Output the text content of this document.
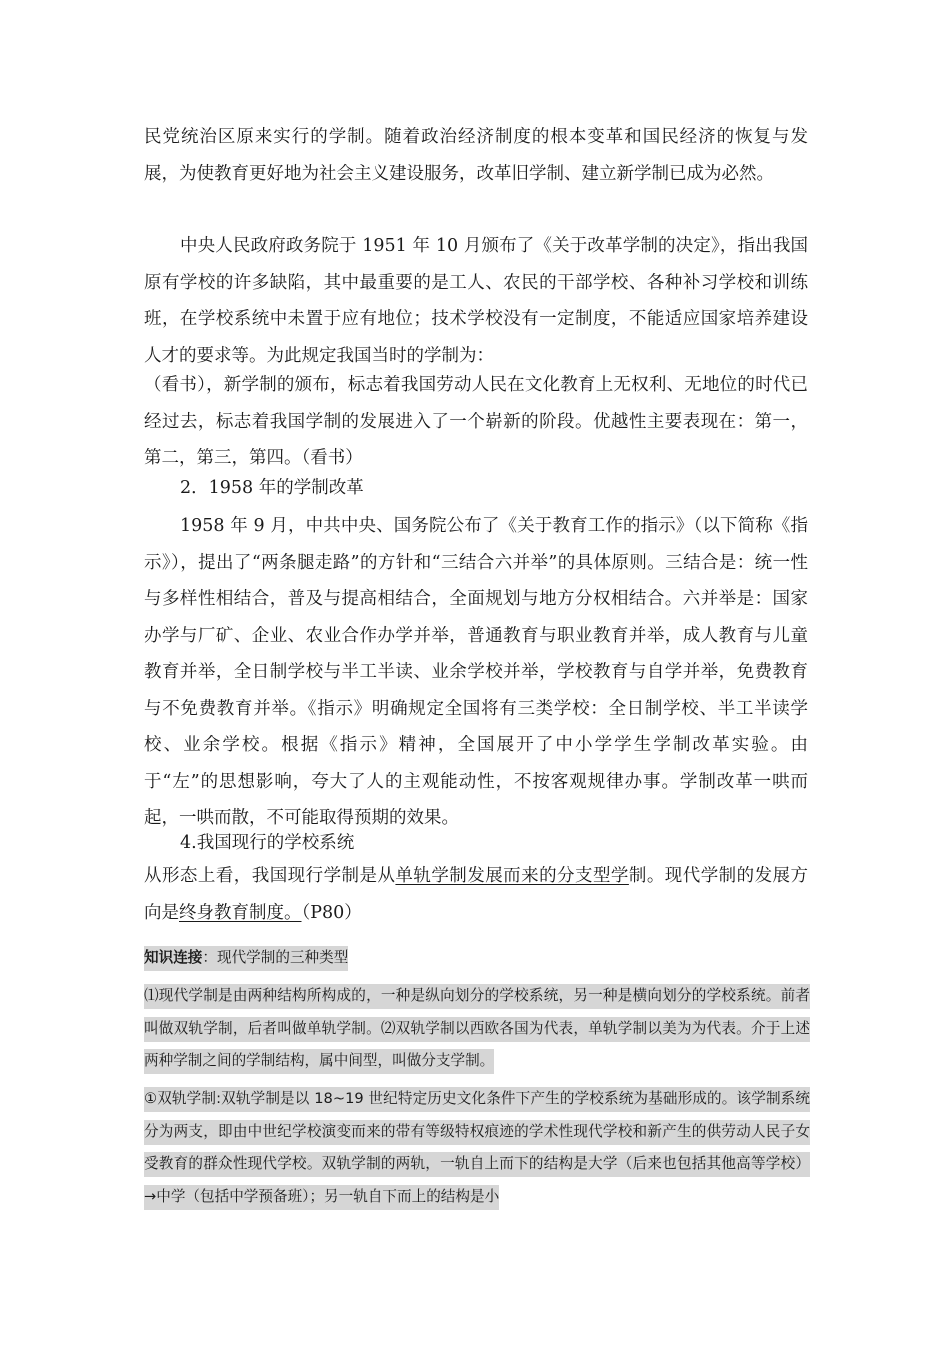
民党统治区原来实行的学制。随着政治经济制度的根本变革和国民经济的恢复与发展，为使教育更好地为社会主义建设服务，改革旧学制、建立新学制已成为必然。

中央人民政府政务院于 1951 年 10 月颁布了《关于改革学制的决定》，指出我国原有学校的许多缺陷，其中最重要的是工人、农民的干部学校、各种补习学校和训练班，在学校系统中未置于应有地位；技术学校没有一定制度，不能适应国家培养建设人才的要求等。为此规定我国当时的学制为：

（看书），新学制的颁布，标志着我国劳动人民在文化教育上无权利、无地位的时代已经过去，标志着我国学制的发展进入了一个崭新的阶段。优越性主要表现在：第一，第二，第三，第四。（看书）

2．1958 年的学制改革

1958 年 9 月，中共中央、国务院公布了《关于教育工作的指示》（以下简称《指示》），提出了“两条腿走路”的方针和“三结合六并举”的具体原则。三结合是：统一性与多样性相结合，普及与提高相结合，全面规划与地方分权相结合。六并举是：国家办学与厂矿、企业、农业合作办学并举，普通教育与职业教育并举，成人教育与儿童教育并举，全日制学校与半工半读、业余学校并举，学校教育与自学并举，免费教育与不免费教育并举。《指示》明确规定全国将有三类学校：全日制学校、半工半读学校、业余学校。根据《指示》精神，全国展开了中小学学生学制改革实验。由于“左”的思想影响，夸大了人的主观能动性，不按客观规律办事。学制改革一哄而起，一哄而散，不可能取得预期的效果。

4.我国现行的学校系统

从形态上看，我国现行学制是从单轨学制发展而来的分支型学制。现代学制的发展方向是终身教育制度。（P80）

知识连接：现代学制的三种类型

⑴现代学制是由两种结构所构成的，一种是纵向划分的学校系统，另一种是横向划分的学校系统。前者叫做双轨学制，后者叫做单轨学制。⑵双轨学制以西欧各国为代表，单轨学制以美为为代表。介于上述两种学制之间的学制结构，属中间型，叫做分支学制。

①双轨学制:双轨学制是以 18~19 世纪特定历史文化条件下产生的学校系统为基础形成的。该学制系统分为两支，即由中世纪学校演变而来的带有等级特权痕迹的学术性现代学校和新产生的供劳动人民子女受教育的群众性现代学校。双轨学制的两轨，一轨自上而下的结构是大学（后来也包括其他高等学校）→中学（包括中学预备班）；另一轨自下而上的结构是小
